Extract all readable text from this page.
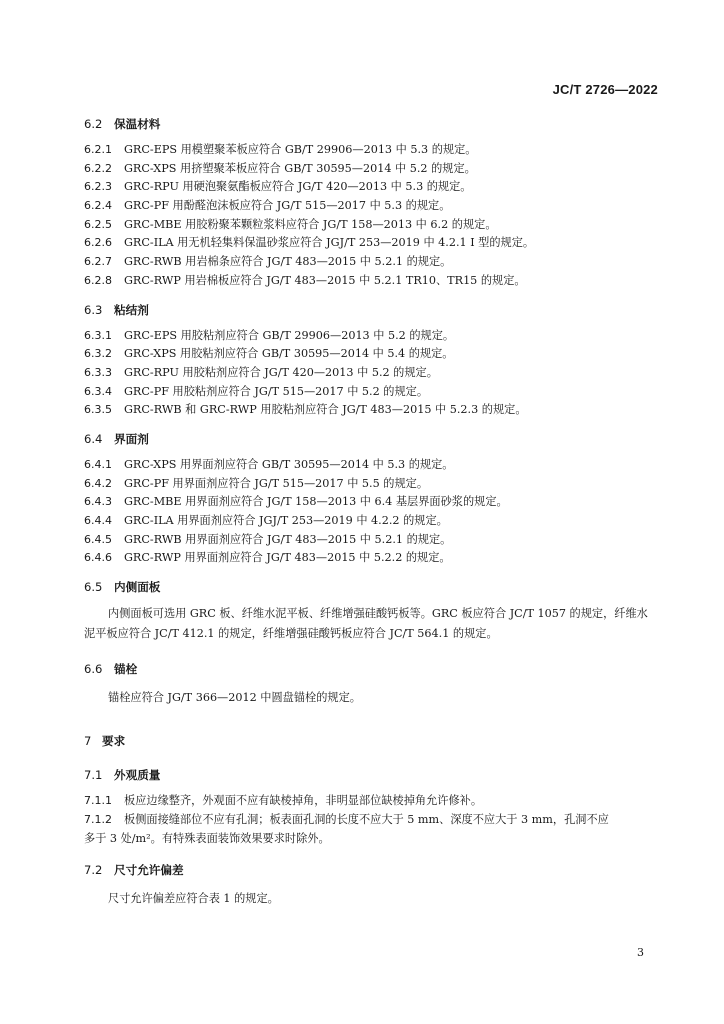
JC/T 2726—2022
6.2 保温材料
6.2.1	GRC-EPS 用模塑聚苯板应符合 GB/T 29906—2013 中 5.3 的规定。
6.2.2	GRC-XPS 用挤塑聚苯板应符合 GB/T 30595—2014 中 5.2 的规定。
6.2.3	GRC-RPU 用硬泡聚氨酯板应符合 JG/T 420—2013 中 5.3 的规定。
6.2.4	GRC-PF 用酚醛泡沫板应符合 JG/T 515—2017 中 5.3 的规定。
6.2.5	GRC-MBE 用胶粉聚苯颗粒浆料应符合 JG/T 158—2013 中 6.2 的规定。
6.2.6	GRC-ILA 用无机轻集料保温砂浆应符合 JGJ/T 253—2019 中 4.2.1 Ⅰ 型的规定。
6.2.7	GRC-RWB 用岩棉条应符合 JG/T 483—2015 中 5.2.1 的规定。
6.2.8	GRC-RWP 用岩棉板应符合 JG/T 483—2015 中 5.2.1 TR10、TR15 的规定。
6.3 粘结剂
6.3.1	GRC-EPS 用胶粘剂应符合 GB/T 29906—2013 中 5.2 的规定。
6.3.2	GRC-XPS 用胶粘剂应符合 GB/T 30595—2014 中 5.4 的规定。
6.3.3	GRC-RPU 用胶粘剂应符合 JG/T 420—2013 中 5.2 的规定。
6.3.4	GRC-PF 用胶粘剂应符合 JG/T 515—2017 中 5.2 的规定。
6.3.5	GRC-RWB 和 GRC-RWP 用胶粘剂应符合 JG/T 483—2015 中 5.2.3 的规定。
6.4 界面剂
6.4.1	GRC-XPS 用界面剂应符合 GB/T 30595—2014 中 5.3 的规定。
6.4.2	GRC-PF 用界面剂应符合 JG/T 515—2017 中 5.5 的规定。
6.4.3	GRC-MBE 用界面剂应符合 JG/T 158—2013 中 6.4 基层界面砂浆的规定。
6.4.4	GRC-ILA 用界面剂应符合 JGJ/T 253—2019 中 4.2.2 的规定。
6.4.5	GRC-RWB 用界面剂应符合 JG/T 483—2015 中 5.2.1 的规定。
6.4.6	GRC-RWP 用界面剂应符合 JG/T 483—2015 中 5.2.2 的规定。
6.5 内侧面板
内侧面板可选用 GRC 板、纤维水泥平板、纤维增强硅酸钙板等。GRC 板应符合 JC/T 1057 的规定，纤维水泥平板应符合 JC/T 412.1 的规定，纤维增强硅酸钙板应符合 JC/T 564.1 的规定。
6.6 锚栓
锚栓应符合 JG/T 366—2012 中圆盘锚栓的规定。
7 要求
7.1 外观质量
7.1.1	板应边缘整齐，外观面不应有缺棱掉角，非明显部位缺棱掉角允许修补。
7.1.2	板侧面接缝部位不应有孔洞；板表面孔洞的长度不应大于 5 mm、深度不应大于 3 mm，孔洞不应
多于 3 处/m²。有特殊表面装饰效果要求时除外。
7.2 尺寸允许偏差
尺寸允许偏差应符合表 1 的规定。
3
